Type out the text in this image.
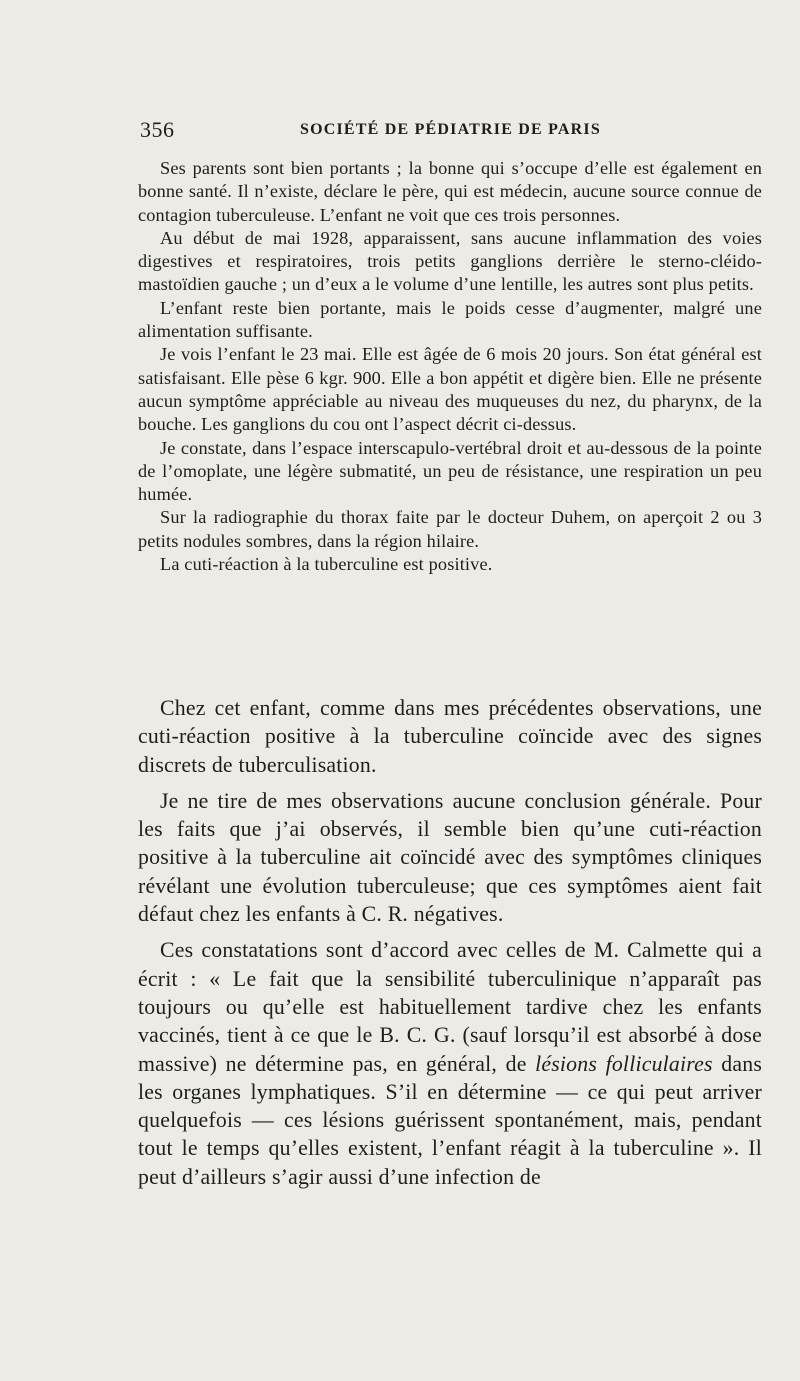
356	SOCIÉTÉ DE PÉDIATRIE DE PARIS

Ses parents sont bien portants ; la bonne qui s’occupe d’elle est également en bonne santé. Il n’existe, déclare le père, qui est médecin, aucune source connue de contagion tuberculeuse. L’enfant ne voit que ces trois personnes.

Au début de mai 1928, apparaissent, sans aucune inflammation des voies digestives et respiratoires, trois petits ganglions derrière le sterno-cléido-mastoïdien gauche ; un d’eux a le volume d’une lentille, les autres sont plus petits.

L’enfant reste bien portante, mais le poids cesse d’augmenter, malgré une alimentation suffisante.

Je vois l’enfant le 23 mai. Elle est âgée de 6 mois 20 jours. Son état général est satisfaisant. Elle pèse 6 kgr. 900. Elle a bon appétit et digère bien. Elle ne présente aucun symptôme appréciable au niveau des muqueuses du nez, du pharynx, de la bouche. Les ganglions du cou ont l’aspect décrit ci-dessus.

Je constate, dans l’espace interscapulo-vertébral droit et au-dessous de la pointe de l’omoplate, une légère submatité, un peu de résistance, une respiration un peu humée.

Sur la radiographie du thorax faite par le docteur Duhem, on aperçoit 2 ou 3 petits nodules sombres, dans la région hilaire.

La cuti-réaction à la tuberculine est positive.

Chez cet enfant, comme dans mes précédentes observations, une cuti-réaction positive à la tuberculine coïncide avec des signes discrets de tuberculisation.

Je ne tire de mes observations aucune conclusion générale. Pour les faits que j’ai observés, il semble bien qu’une cuti-réaction positive à la tuberculine ait coïncidé avec des symptômes cliniques révélant une évolution tuberculeuse; que ces symptômes aient fait défaut chez les enfants à C. R. négatives.

Ces constatations sont d’accord avec celles de M. Calmette qui a écrit : « Le fait que la sensibilité tuberculinique n’apparaît pas toujours ou qu’elle est habituellement tardive chez les enfants vaccinés, tient à ce que le B. C. G. (sauf lorsqu’il est absorbé à dose massive) ne détermine pas, en général, de lésions folliculaires dans les organes lymphatiques. S’il en détermine — ce qui peut arriver quelquefois — ces lésions guérissent spontanément, mais, pendant tout le temps qu’elles existent, l’enfant réagit à la tuberculine ». Il peut d’ailleurs s’agir aussi d’une infection de
